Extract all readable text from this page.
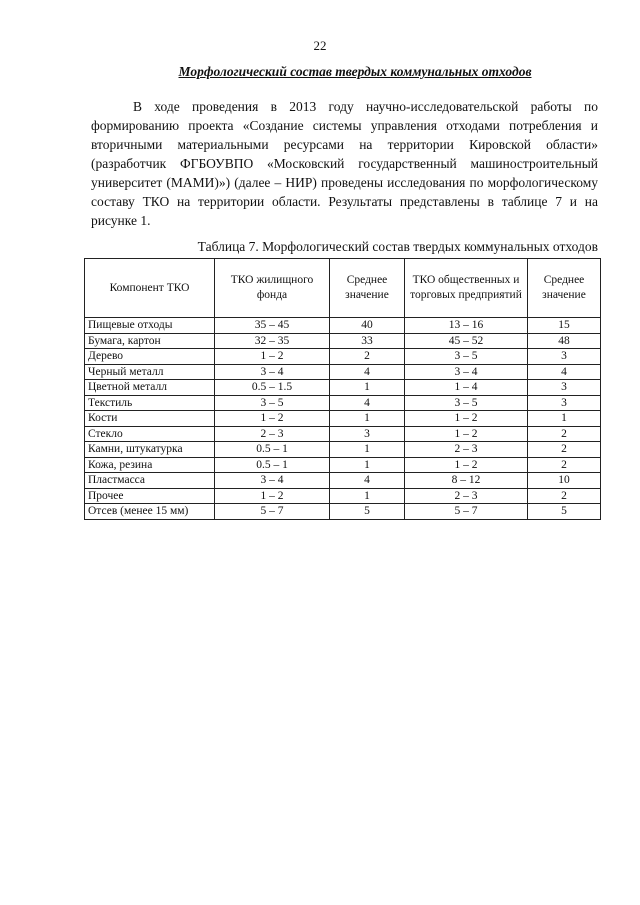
22
Морфологический состав твердых коммунальных отходов

В ходе проведения в 2013 году научно-исследовательской работы по формированию проекта «Создание системы управления отходами потребления и вторичными материальными ресурсами на территории Кировской области» (разработчик ФГБОУВПО «Московский государственный машиностроительный университет (МАМИ)») (далее – НИР) проведены исследования по морфологическому составу ТКО на территории области. Результаты представлены в таблице 7 и на рисунке 1.

Таблица 7. Морфологический состав твердых коммунальных отходов
Компонент ТКО	ТКО жилищного фонда	Среднее значение	ТКО общественных и торговых предприятий	Среднее значение
Пищевые отходы	35 – 45	40	13 – 16	15
Бумага, картон	32 – 35	33	45 – 52	48
Дерево	1 – 2	2	3 – 5	3
Черный металл	3 – 4	4	3 – 4	4
Цветной металл	0.5 – 1.5	1	1 – 4	3
Текстиль	3 – 5	4	3 – 5	3
Кости	1 – 2	1	1 – 2	1
Стекло	2 – 3	3	1 – 2	2
Камни, штукатурка	0.5 – 1	1	2 – 3	2
Кожа, резина	0.5 – 1	1	1 – 2	2
Пластмасса	3 – 4	4	8 – 12	10
Прочее	1 – 2	1	2 – 3	2
Отсев (менее 15 мм)	5 – 7	5	5 – 7	5
